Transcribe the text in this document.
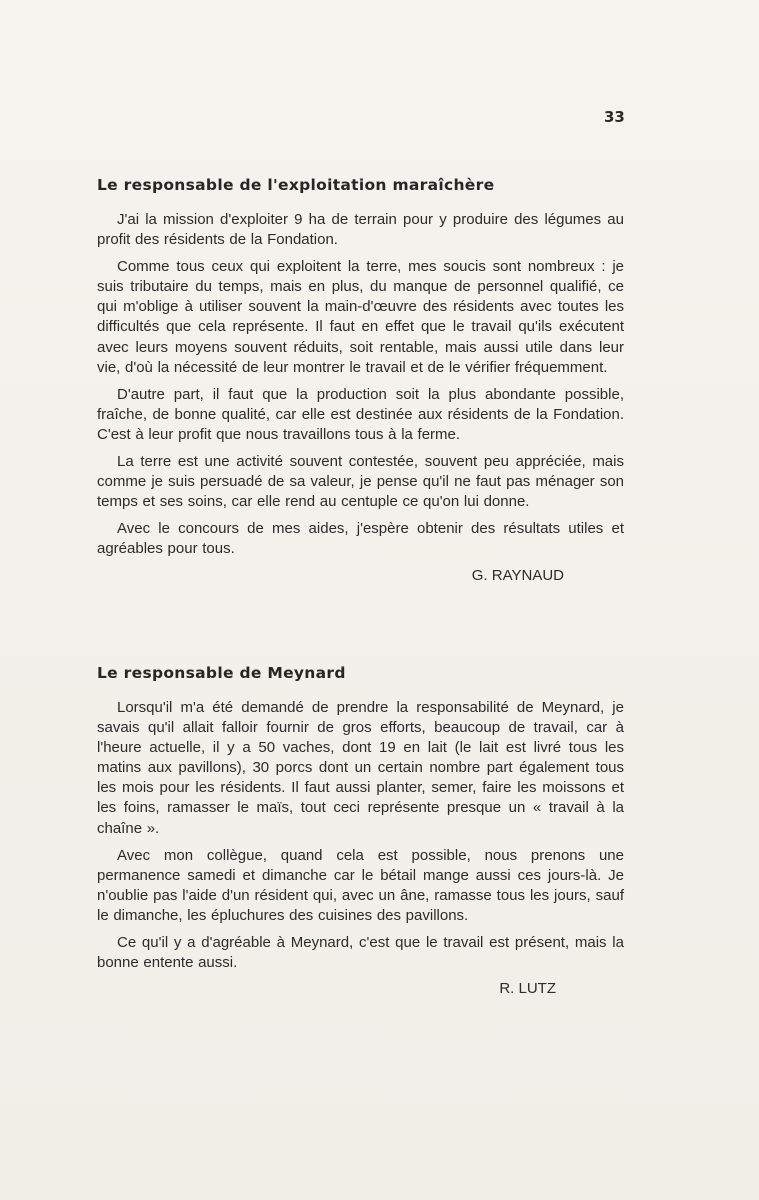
33
Le responsable de l'exploitation maraîchère

J'ai la mission d'exploiter 9 ha de terrain pour y produire des légumes au profit des résidents de la Fondation.

Comme tous ceux qui exploitent la terre, mes soucis sont nombreux : je suis tributaire du temps, mais en plus, du manque de personnel qualifié, ce qui m'oblige à utiliser souvent la main-d'œuvre des résidents avec toutes les difficultés que cela représente. Il faut en effet que le travail qu'ils exécutent avec leurs moyens souvent réduits, soit rentable, mais aussi utile dans leur vie, d'où la nécessité de leur montrer le travail et de le vérifier fréquemment.

D'autre part, il faut que la production soit la plus abondante possible, fraîche, de bonne qualité, car elle est destinée aux résidents de la Fondation. C'est à leur profit que nous travaillons tous à la ferme.

La terre est une activité souvent contestée, souvent peu appréciée, mais comme je suis persuadé de sa valeur, je pense qu'il ne faut pas ménager son temps et ses soins, car elle rend au centuple ce qu'on lui donne.

Avec le concours de mes aides, j'espère obtenir des résultats utiles et agréables pour tous.

G. RAYNAUD
Le responsable de Meynard

Lorsqu'il m'a été demandé de prendre la responsabilité de Meynard, je savais qu'il allait falloir fournir de gros efforts, beaucoup de travail, car à l'heure actuelle, il y a 50 vaches, dont 19 en lait (le lait est livré tous les matins aux pavillons), 30 porcs dont un certain nombre part également tous les mois pour les résidents. Il faut aussi planter, semer, faire les moissons et les foins, ramasser le maïs, tout ceci représente presque un « travail à la chaîne ».

Avec mon collègue, quand cela est possible, nous prenons une permanence samedi et dimanche car le bétail mange aussi ces jours-là. Je n'oublie pas l'aide d'un résident qui, avec un âne, ramasse tous les jours, sauf le dimanche, les épluchures des cuisines des pavillons.

Ce qu'il y a d'agréable à Meynard, c'est que le travail est présent, mais la bonne entente aussi.

R. LUTZ
